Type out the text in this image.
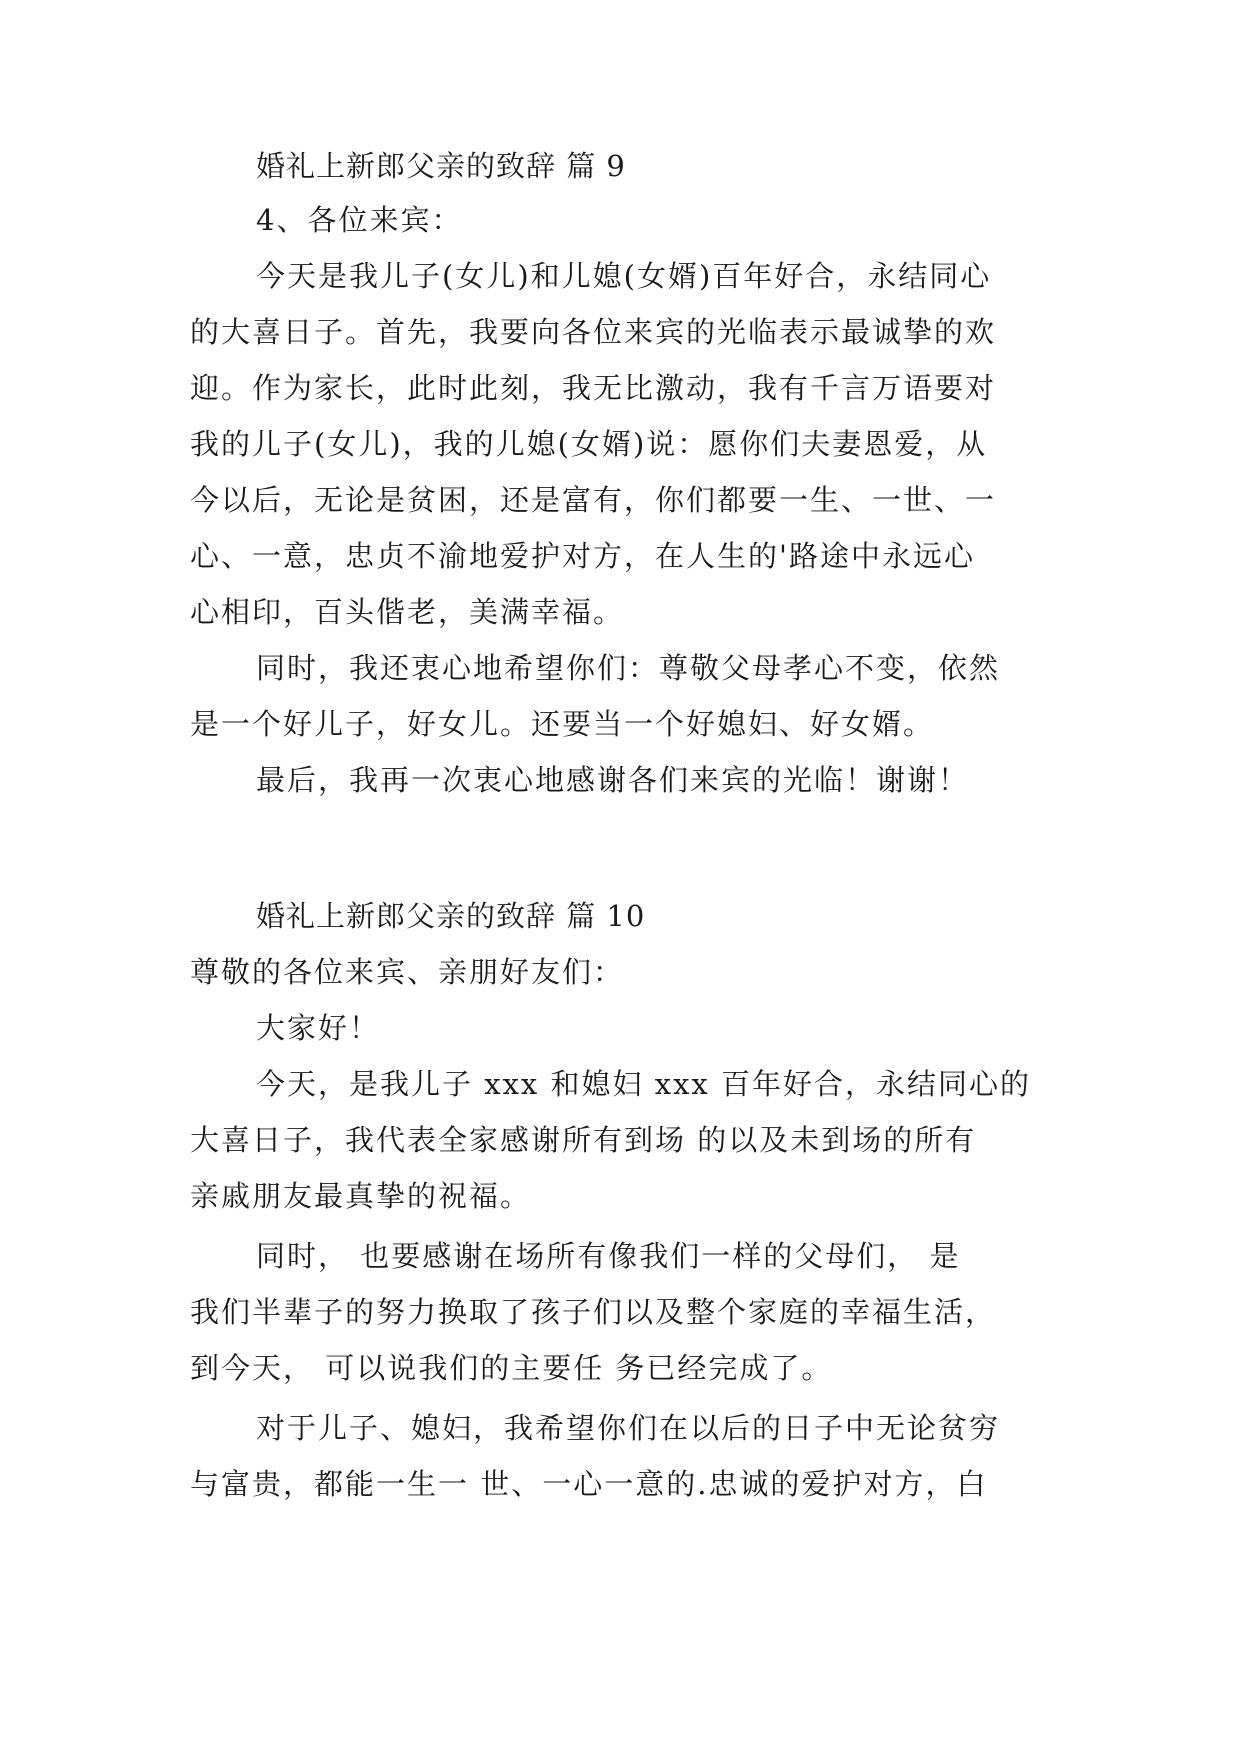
婚礼上新郎父亲的致辞 篇 9
4、各位来宾：
今天是我儿子(女儿)和儿媳(女婿)百年好合，永结同心
的大喜日子。首先，我要向各位来宾的光临表示最诚挚的欢
迎。作为家长，此时此刻，我无比激动，我有千言万语要对
我的儿子(女儿)，我的儿媳(女婿)说：愿你们夫妻恩爱，从
今以后，无论是贫困，还是富有，你们都要一生、一世、一
心、一意，忠贞不渝地爱护对方，在人生的'路途中永远心
心相印，百头偕老，美满幸福。
同时，我还衷心地希望你们：尊敬父母孝心不变，依然
是一个好儿子，好女儿。还要当一个好媳妇、好女婿。
最后，我再一次衷心地感谢各们来宾的光临！谢谢！
婚礼上新郎父亲的致辞 篇 10
尊敬的各位来宾、亲朋好友们：
大家好！
今天，是我儿子 xxx 和媳妇 xxx 百年好合，永结同心的
大喜日子，我代表全家感谢所有到场 的以及未到场的所有
亲戚朋友最真挚的祝福。
同时， 也要感谢在场所有像我们一样的父母们， 是
我们半辈子的努力换取了孩子们以及整个家庭的幸福生活，
到今天， 可以说我们的主要任 务已经完成了。
对于儿子、媳妇，我希望你们在以后的日子中无论贫穷
与富贵，都能一生一 世、一心一意的.忠诚的爱护对方，白
